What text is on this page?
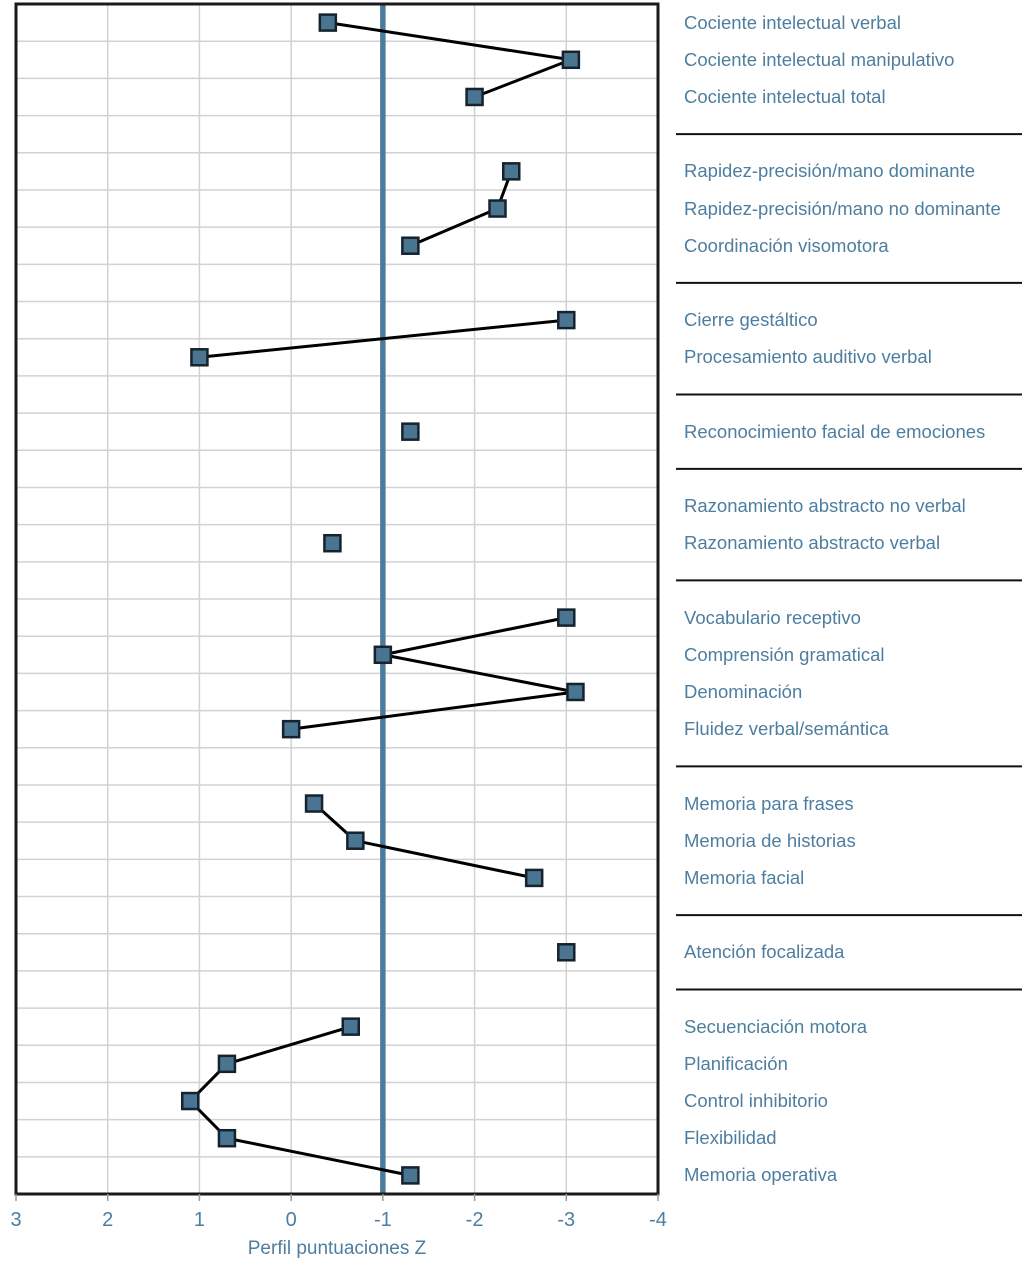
3	2	1	0	-1	-2	-3	-4
Cociente intelectual verbal
Cociente intelectual manipulativo
Cociente intelectual total
Rapidez-precisión/mano dominante
Rapidez-precisión/mano no dominante
Coordinación visomotora
Cierre gestáltico
Procesamiento auditivo verbal
Reconocimiento facial de emociones
Razonamiento abstracto no verbal
Razonamiento abstracto verbal
Vocabulario receptivo
Comprensión gramatical
Denominación
Fluidez verbal/semántica
Memoria para frases
Memoria de historias
Memoria facial
Atención focalizada
Secuenciación motora
Planificación
Control inhibitorio
Flexibilidad
Memoria operativa
Perfil puntuaciones Z
